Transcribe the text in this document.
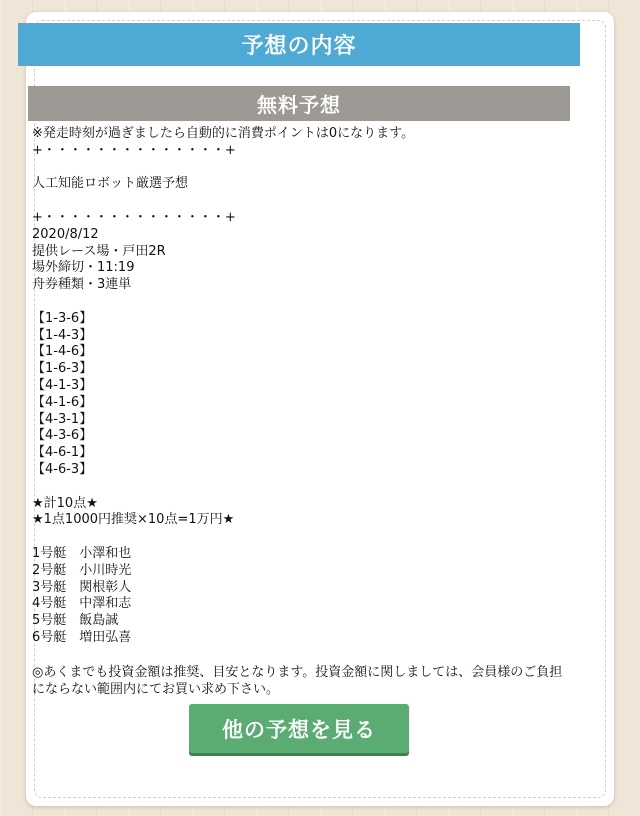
予想の内容
無料予想
※発走時刻が過ぎましたら自動的に消費ポイントは0になります。
+・・・・・・・・・・・・・・+
人工知能ロボット厳選予想
+・・・・・・・・・・・・・・+
2020/8/12
提供レース場・戸田2R
場外締切・11:19
舟券種類・3連単
【1-3-6】
【1-4-3】
【1-4-6】
【1-6-3】
【4-1-3】
【4-1-6】
【4-3-1】
【4-3-6】
【4-6-1】
【4-6-3】
★計10点★
★1点1000円推奨×10点=1万円★
1号艇　 小澤和也
2号艇　 小川時光
3号艇　 関根彰人
4号艇　 中澤和志
5号艇　 飯島誠
6号艇　 増田弘喜
◎あくまでも投資金額は推奨、目安となります。投資金額に関しましては、会員様のご負担にならない範囲内にてお買い求め下さい。
他の予想を見る
